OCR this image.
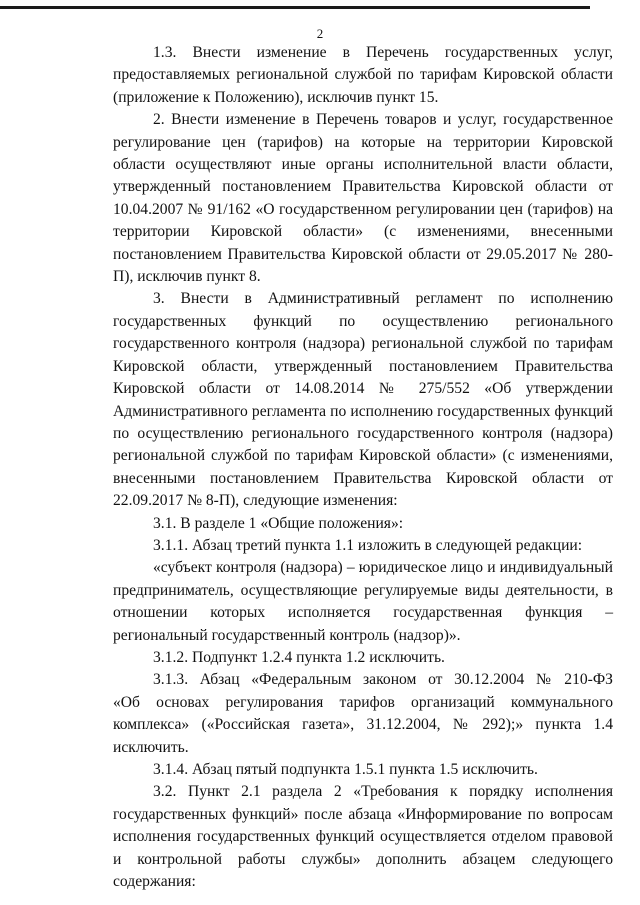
2

1.3. Внести изменение в Перечень государственных услуг, предоставляемых региональной службой по тарифам Кировской области (приложение к Положению), исключив пункт 15.

2. Внести изменение в Перечень товаров и услуг, государственное регулирование цен (тарифов) на которые на территории Кировской области осуществляют иные органы исполнительной власти области, утвержденный постановлением Правительства Кировской области от 10.04.2007 № 91/162 «О государственном регулировании цен (тарифов) на территории Кировской области» (с изменениями, внесенными постановлением Правительства Кировской области от 29.05.2017 № 280-П), исключив пункт 8.

3. Внести в Административный регламент по исполнению государственных функций по осуществлению регионального государственного контроля (надзора) региональной службой по тарифам Кировской области, утвержденный постановлением Правительства Кировской области от 14.08.2014 № 275/552 «Об утверждении Административного регламента по исполнению государственных функций по осуществлению регионального государственного контроля (надзора) региональной службой по тарифам Кировской области» (с изменениями, внесенными постановлением Правительства Кировской области от 22.09.2017 № 8-П), следующие изменения:

3.1. В разделе 1 «Общие положения»:

3.1.1. Абзац третий пункта 1.1 изложить в следующей редакции:

«субъект контроля (надзора) – юридическое лицо и индивидуальный предприниматель, осуществляющие регулируемые виды деятельности, в отношении которых исполняется государственная функция – региональный государственный контроль (надзор)».

3.1.2. Подпункт 1.2.4 пункта 1.2 исключить.

3.1.3. Абзац «Федеральным законом от 30.12.2004 № 210-ФЗ «Об основах регулирования тарифов организаций коммунального комплекса» («Российская газета», 31.12.2004, № 292);» пункта 1.4 исключить.

3.1.4. Абзац пятый подпункта 1.5.1 пункта 1.5 исключить.

3.2. Пункт 2.1 раздела 2 «Требования к порядку исполнения государственных функций» после абзаца «Информирование по вопросам исполнения государственных функций осуществляется отделом правовой и контрольной работы службы» дополнить абзацем следующего содержания:
